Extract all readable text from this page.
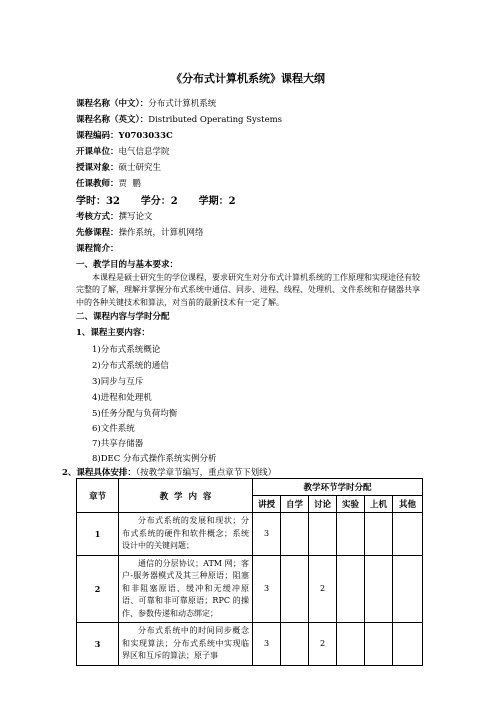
《分布式计算机系统》课程大纲
课程名称（中文）：分布式计算机系统
课程名称（英文）：Distributed Operating Systems
课程编码：Y0703033C
开课单位：电气信息学院
授课对象：硕士研究生
任课教师：贾  鹏
学时：32      学分：2      学期：2
考核方式：撰写论文
先修课程：操作系统，计算机网络
课程简介：
一、教学目的与基本要求：
本课程是硕士研究生的学位课程，要求研究生对分布式计算机系统的工作原理和实现途径有较完整的了解，理解并掌握分布式系统中通信、同步、进程、线程、处理机、文件系统和存储器共享中的各种关键技术和算法，对当前的最新技术有一定了解。
二、课程内容与学时分配
1、课程主要内容：
1)分布式系统概论
2)分布式系统的通信
3)同步与互斥
4)进程和处理机
5)任务分配与负荷均衡
6)文件系统
7)共享存储器
8)DEC 分布式操作系统实例分析
2、课程具体安排：（按教学章节编写，重点章节下划线）
章节	教  学  内  容	教学环节学时分配					
		讲授	自学	讨论	实验	上机	其他
1	分布式系统的发展和现状；分布式系统的硬件和软件概念；系统设计中的关键问题；	3					
2	通信的分层协议；ATM 网；客户-服务器模式及其三种原语；阻塞和非阻塞原语、缓冲和无缓冲原语、可靠和非可靠原语；RPC 的操作、参数传递和动态绑定；	3		2			
3	分布式系统中的时间同步概念和实现算法；分布式系统中实现临界区和互斥的算法；原子事	3		2			
